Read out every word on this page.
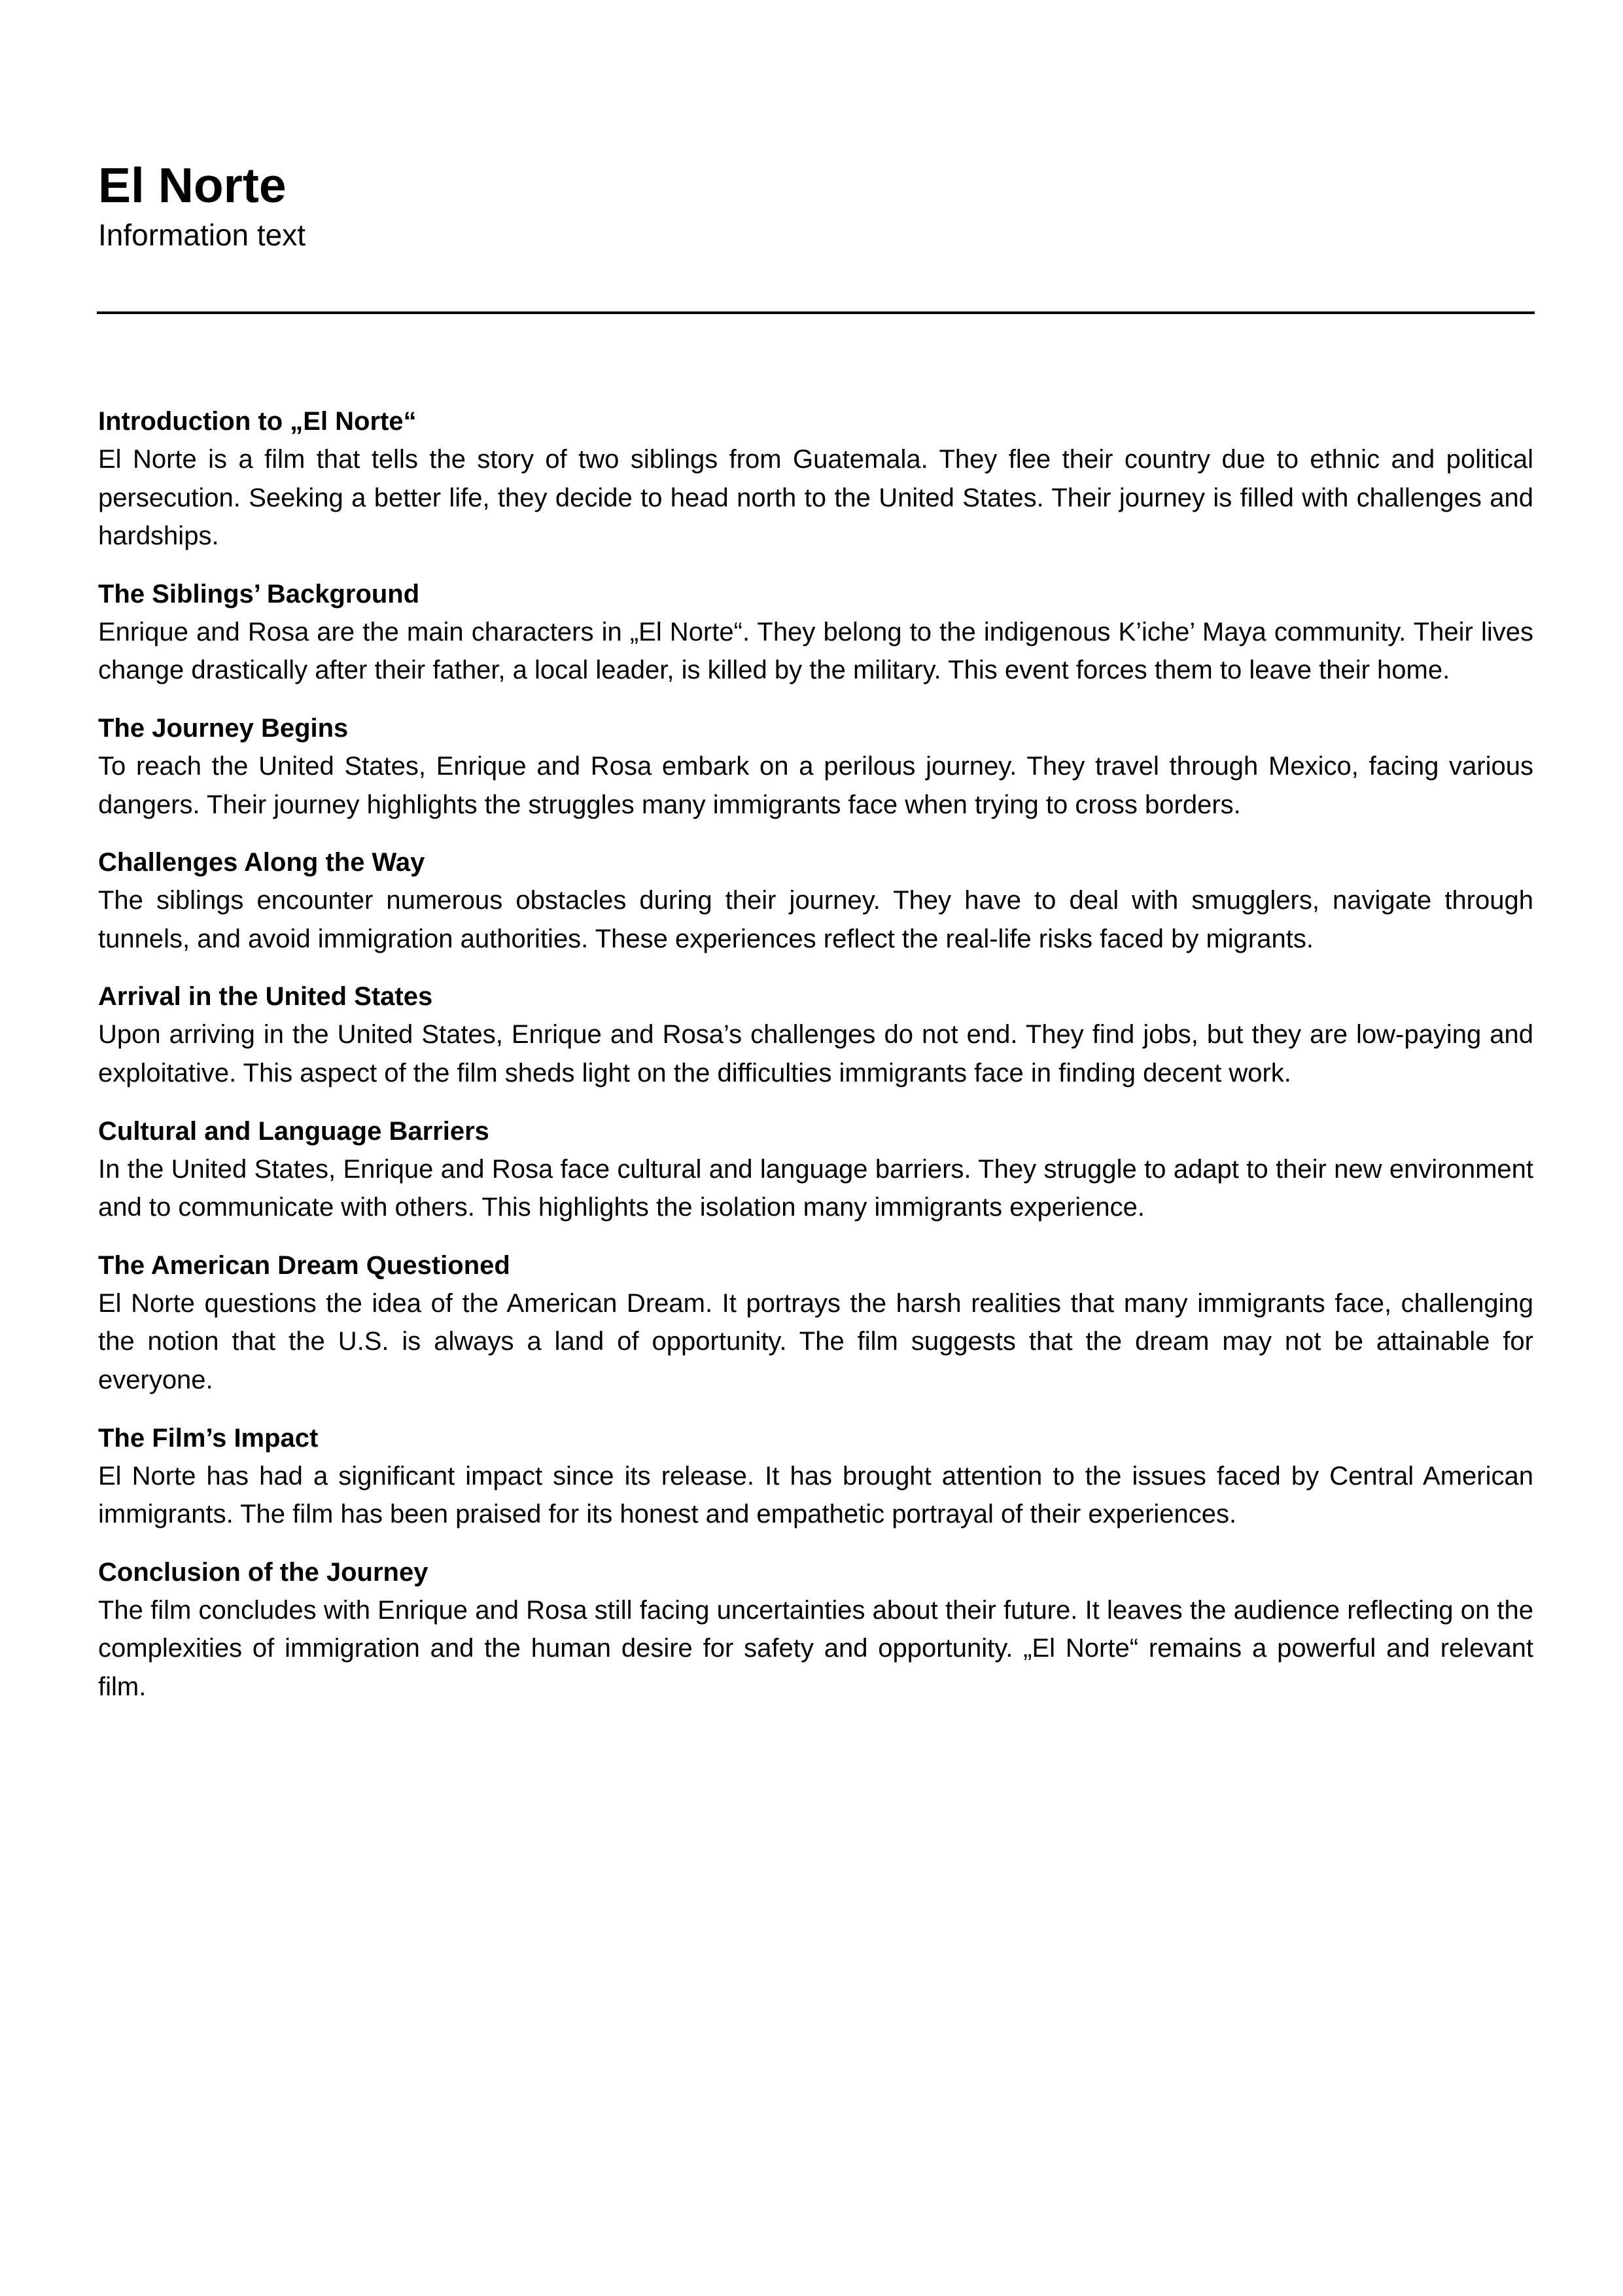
El Norte

Information text

Introduction to „El Norte“

El Norte is a film that tells the story of two siblings from Guatemala. They flee their country due to ethnic and political persecution. Seeking a better life, they decide to head north to the United States. Their journey is filled with challenges and hardships.

The Siblings’ Background

Enrique and Rosa are the main characters in „El Norte“. They belong to the indigenous K’iche’ Maya community. Their lives change drastically after their father, a local leader, is killed by the military. This event forces them to leave their home.

The Journey Begins

To reach the United States, Enrique and Rosa embark on a perilous journey. They travel through Mexico, facing various dangers. Their journey highlights the struggles many immigrants face when trying to cross borders.

Challenges Along the Way

The siblings encounter numerous obstacles during their journey. They have to deal with smugglers, navigate through tunnels, and avoid immigration authorities. These experiences reflect the real-life risks faced by migrants.

Arrival in the United States

Upon arriving in the United States, Enrique and Rosa’s challenges do not end. They find jobs, but they are low-paying and exploitative. This aspect of the film sheds light on the difficulties immigrants face in finding decent work.

Cultural and Language Barriers

In the United States, Enrique and Rosa face cultural and language barriers. They struggle to adapt to their new environment and to communicate with others. This highlights the isolation many immigrants experience.

The American Dream Questioned

El Norte questions the idea of the American Dream. It portrays the harsh realities that many immigrants face, challenging the notion that the U.S. is always a land of opportunity. The film suggests that the dream may not be attainable for everyone.

The Film’s Impact

El Norte has had a significant impact since its release. It has brought attention to the issues faced by Central American immigrants. The film has been praised for its honest and empathetic portrayal of their experiences.

Conclusion of the Journey

The film concludes with Enrique and Rosa still facing uncertainties about their future. It leaves the audience reflecting on the complexities of immigration and the human desire for safety and opportunity. „El Norte“ remains a powerful and relevant film.
